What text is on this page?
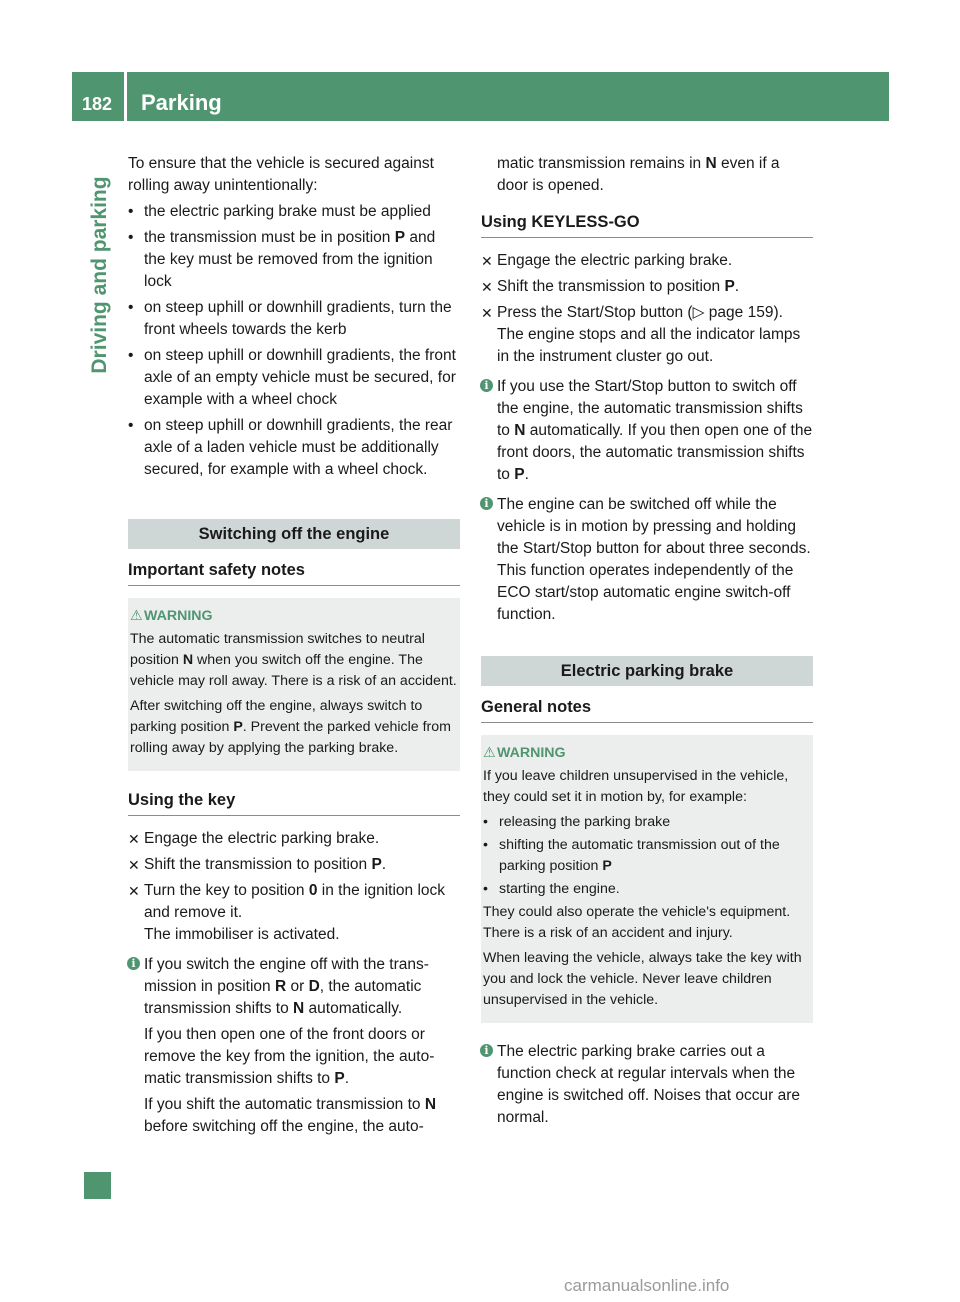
182 Parking
Driving and parking

To ensure that the vehicle is secured against rolling away unintentionally:

• the electric parking brake must be applied
• the transmission must be in position P and the key must be removed from the ignition lock
• on steep uphill or downhill gradients, turn the front wheels towards the kerb
• on steep uphill or downhill gradients, the front axle of an empty vehicle must be secured, for example with a wheel chock
• on steep uphill or downhill gradients, the rear axle of a laden vehicle must be additionally secured, for example with a wheel chock.
Switching off the engine
Important safety notes
⚠ WARNING

The automatic transmission switches to neutral position N when you switch off the engine. The vehicle may roll away. There is a risk of an accident.

After switching off the engine, always switch to parking position P. Prevent the parked vehicle from rolling away by applying the parking brake.

Using the key
✕ Engage the electric parking brake.
✕ Shift the transmission to position P.
✕ Turn the key to position 0 in the ignition lock and remove it.
The immobiliser is activated.
i If you switch the engine off with the transmission in position R or D, the automatic transmission shifts to N automatically.

If you then open one of the front doors or remove the key from the ignition, the automatic transmission shifts to P.

If you shift the automatic transmission to N before switching off the engine, the auto-

matic transmission remains in N even if a door is opened.

Using KEYLESS-GO
✕ Engage the electric parking brake.
✕ Shift the transmission to position P.
✕ Press the Start/Stop button (▷ page 159).
The engine stops and all the indicator lamps in the instrument cluster go out.
i If you use the Start/Stop button to switch off the engine, the automatic transmission shifts to N automatically. If you then open one of the front doors, the automatic transmission shifts to P.

i The engine can be switched off while the vehicle is in motion by pressing and holding the Start/Stop button for about three seconds. This function operates independently of the ECO start/stop automatic engine switch-off function.

Electric parking brake
General notes
⚠ WARNING

If you leave children unsupervised in the vehicle, they could set it in motion by, for example:

• releasing the parking brake
• shifting the automatic transmission out of the parking position P
• starting the engine.

They could also operate the vehicle's equipment. There is a risk of an accident and injury.

When leaving the vehicle, always take the key with you and lock the vehicle. Never leave children unsupervised in the vehicle.

i The electric parking brake carries out a function check at regular intervals when the engine is switched off. Noises that occur are normal.

carmanualsonline.info
